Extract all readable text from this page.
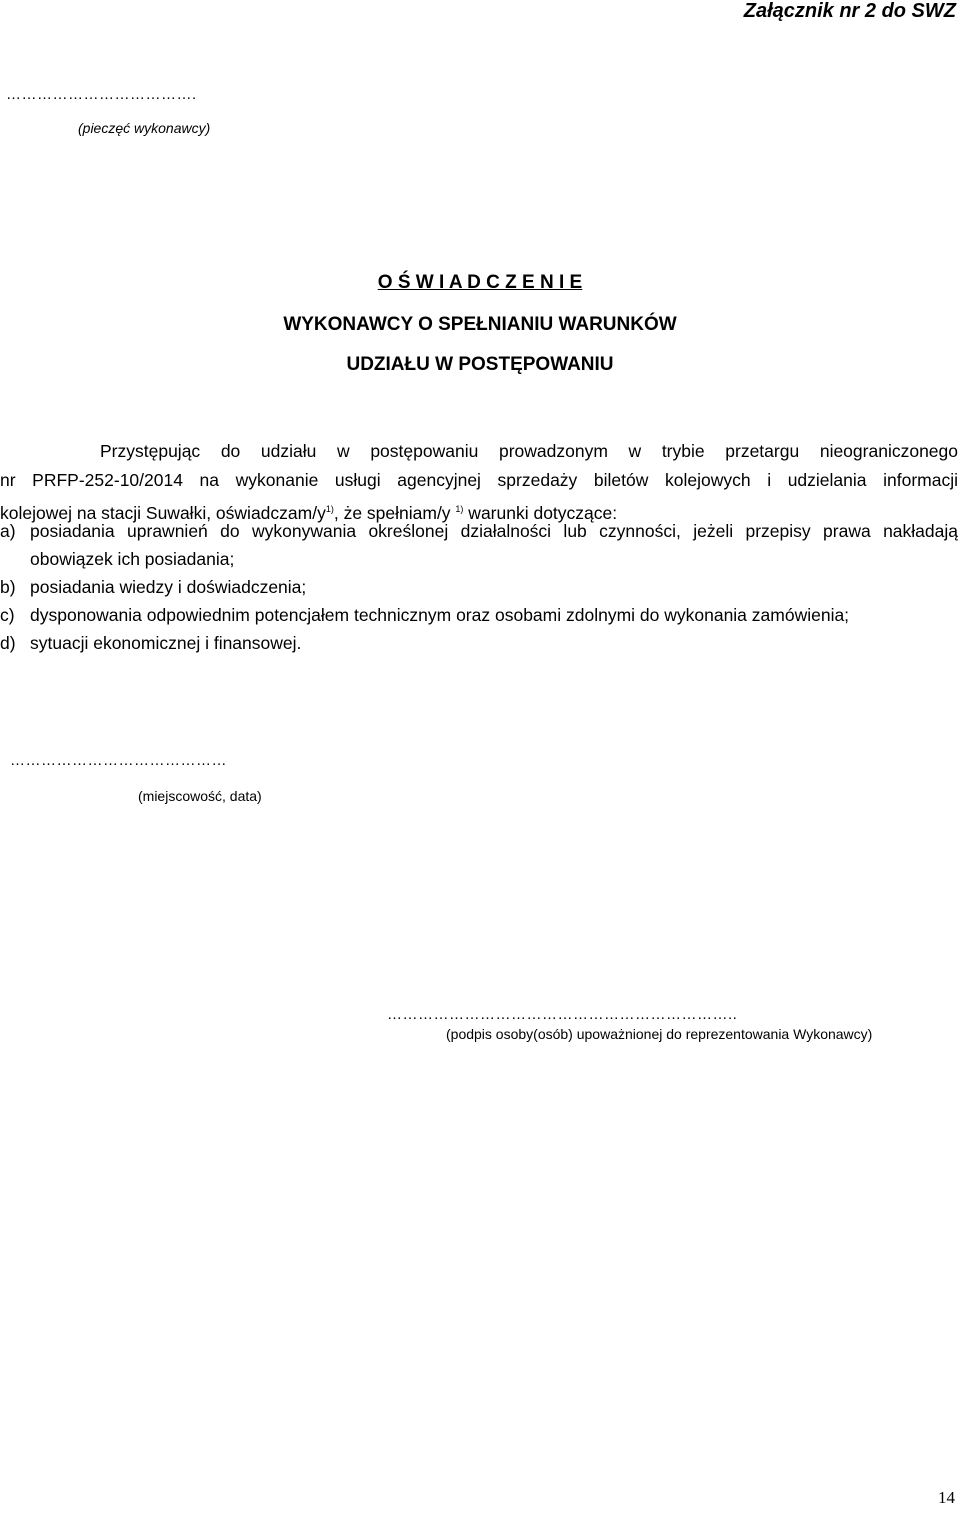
Załącznik nr 2 do SWZ
……………………………….
(pieczęć wykonawcy)
O Ś W I A D C Z E N I E
WYKONAWCY O SPEŁNIANIU WARUNKÓW
UDZIAŁU W POSTĘPOWANIU
Przystępując do udziału w postępowaniu prowadzonym w trybie przetargu nieograniczonego
nr PRFP-252-10/2014 na wykonanie usługi agencyjnej sprzedaży biletów kolejowych i udzielania informacji
kolejowej na stacji Suwałki, oświadczam/$y^{1)}$, że spełniam/y $^{1)}$ warunki dotyczące:
a) posiadania uprawnień do wykonywania określonej działalności lub czynności, jeżeli przepisy prawa nakładają obowiązek ich posiadania;
b) posiadania wiedzy i doświadczenia;
c) dysponowania odpowiednim potencjałem technicznym oraz osobami zdolnymi do wykonania zamówienia;
d) sytuacji ekonomicznej i finansowej.
……………………………………
(miejscowość, data)
…………………………………………………………..
(podpis osoby(osób) upoważnionej do reprezentowania Wykonawcy)
14
